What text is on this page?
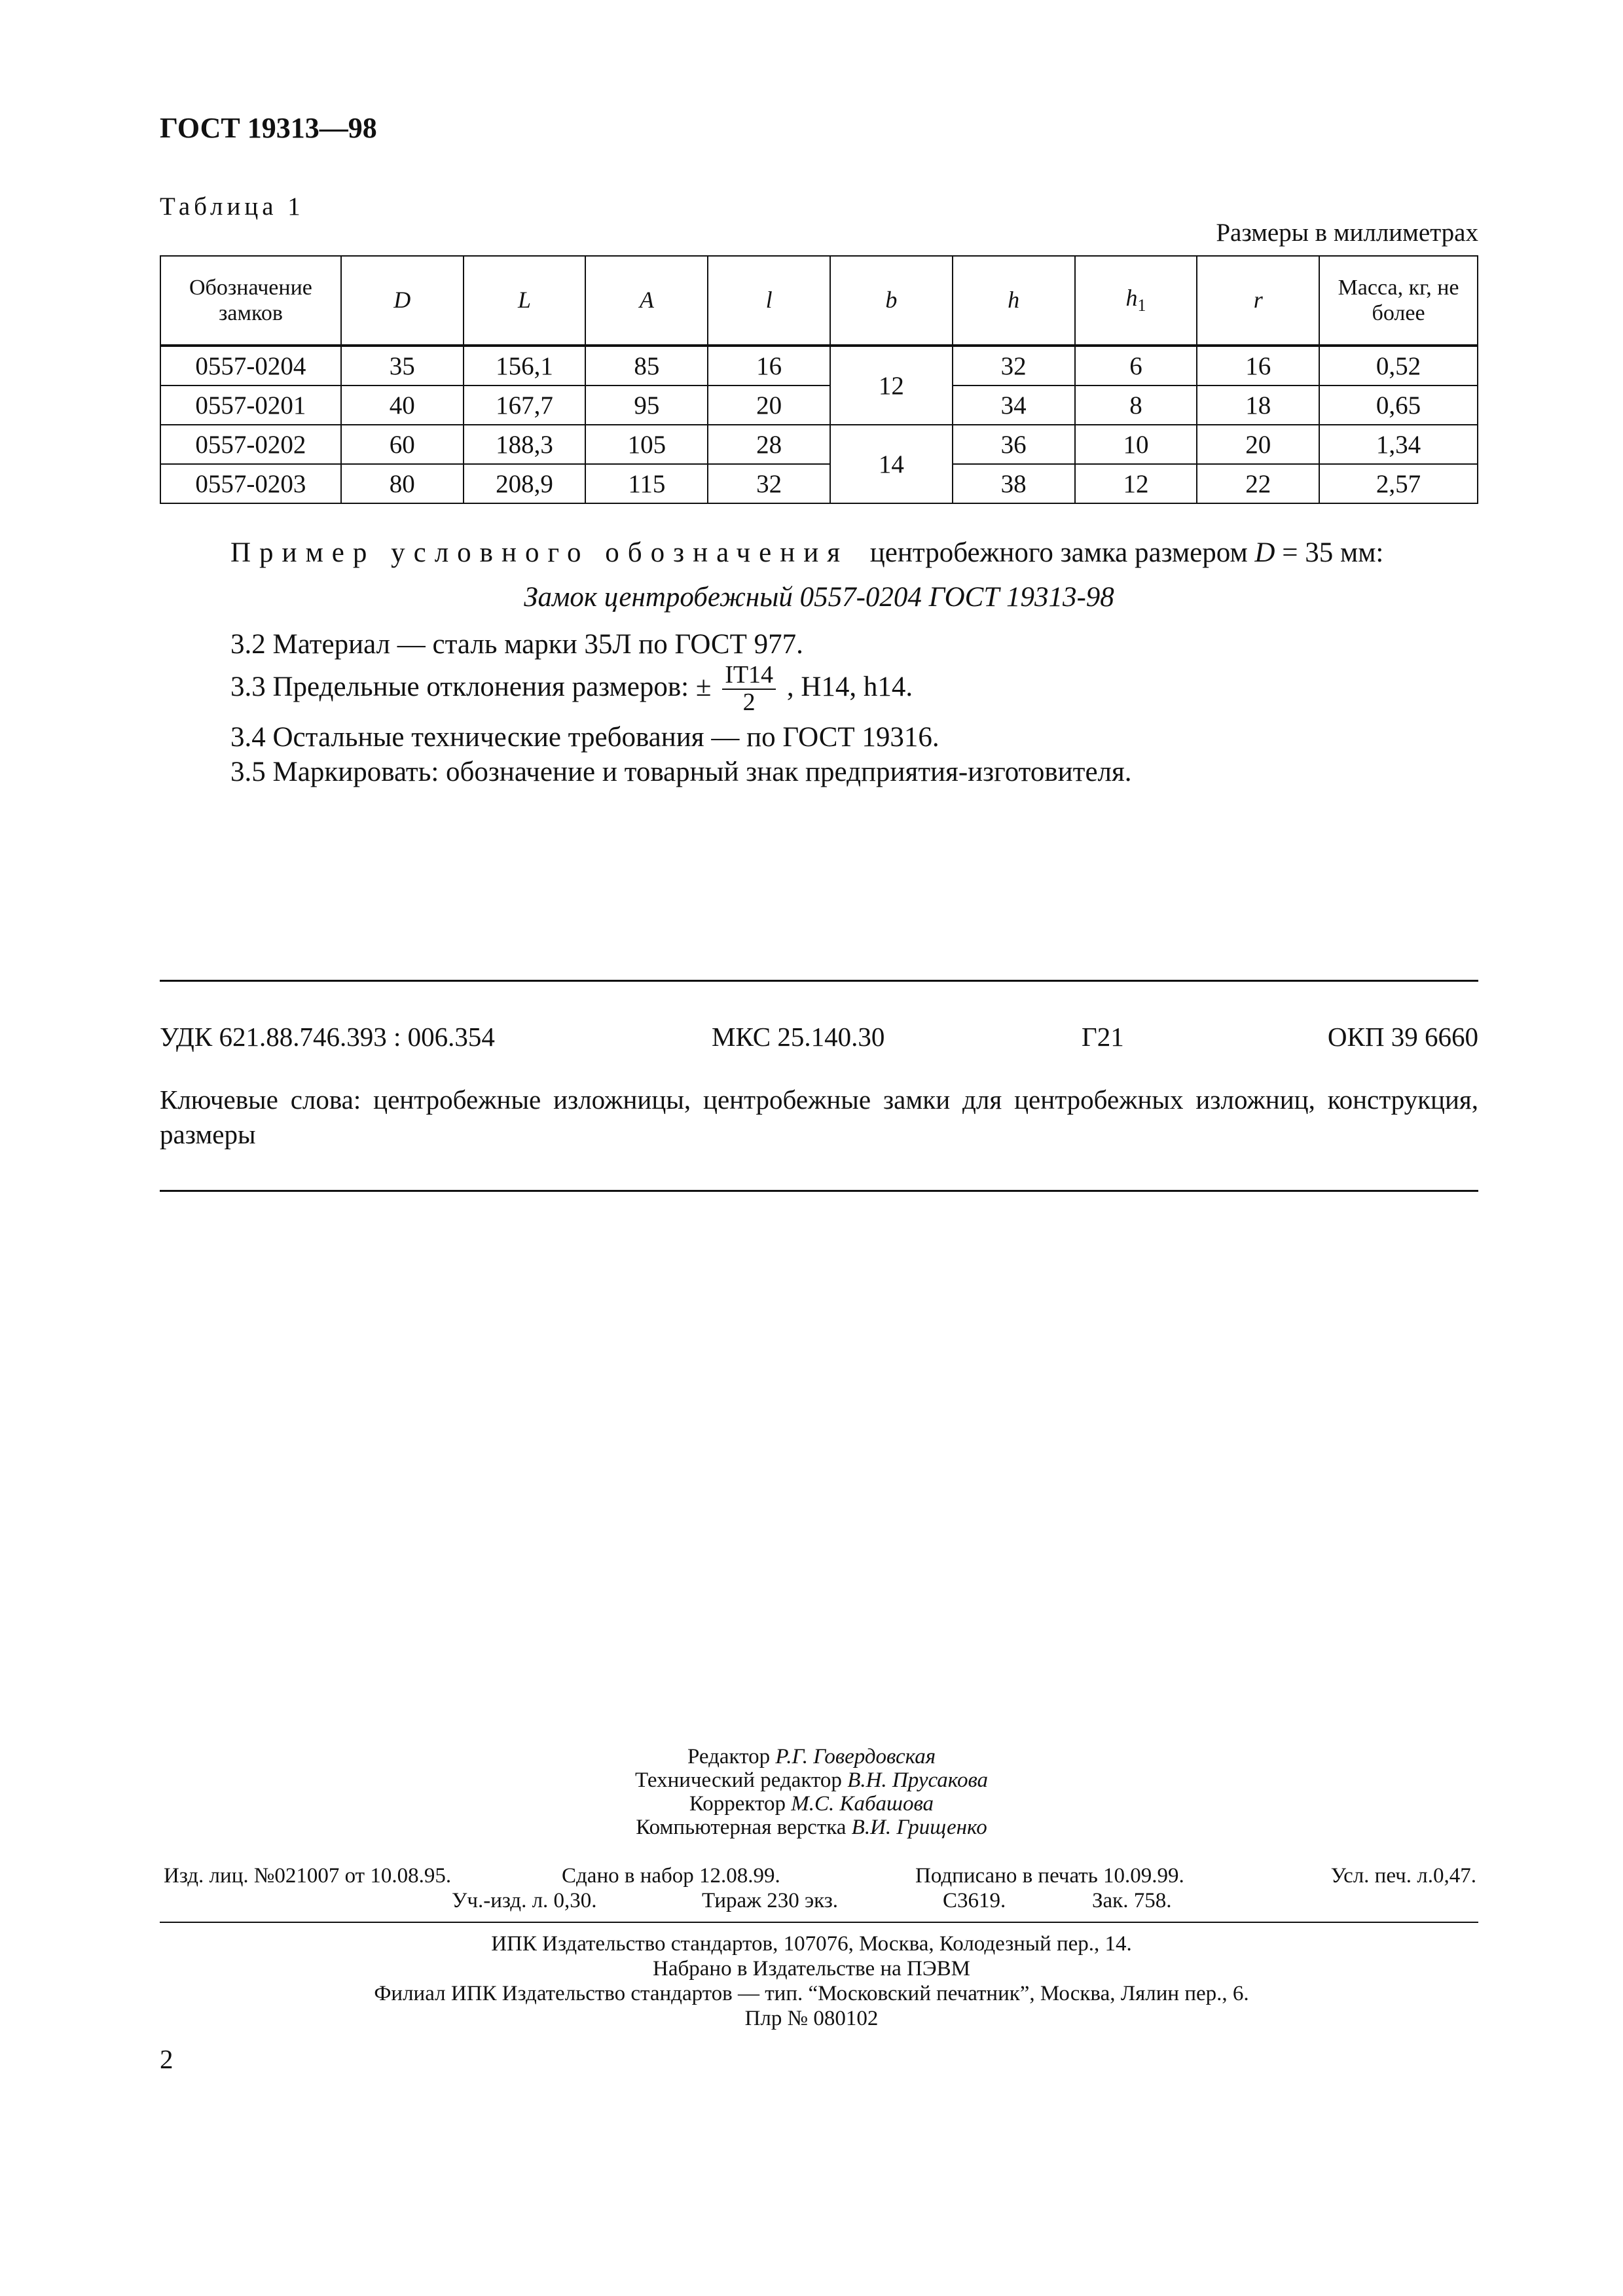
ГОСТ 19313—98
Таблица 1
Размеры в миллиметрах
Обозначение замков	D	L	A	l	b	h	$h_1$	r	Масса, кг, не более
0557-0204	35	156,1	85	16	12	32	6	16	0,52
0557-0201	40	167,7	95	20		34	8	18	0,65
0557-0202	60	188,3	105	28	14	36	10	20	1,34
0557-0203	80	208,9	115	32		38	12	22	2,57
Пример условного обозначения центробежного замка размером D = 35 мм:
Замок центробежный 0557-0204 ГОСТ 19313-98
3.2 Материал — сталь марки 35Л по ГОСТ 977.
3.3 Предельные отклонения размеров: ± $\frac{IT14}{2}$ , H14, h14.
3.4 Остальные технические требования — по ГОСТ 19316.
3.5 Маркировать: обозначение и товарный знак предприятия-изготовителя.
УДК 621.88.746.393 : 006.354	МКС 25.140.30	Г21	ОКП 39 6660
Ключевые слова: центробежные изложницы, центробежные замки для центробежных изложниц, конструкция, размеры
Редактор Р.Г. Говердовская
Технический редактор В.Н. Прусакова
Корректор М.С. Кабашова
Компьютерная верстка В.И. Грищенко
Изд. лиц. №021007 от 10.08.95.	Сдано в набор 12.08.99.	Подписано в печать 10.09.99.	Усл. печ. л.0,47.
Уч.-изд. л. 0,30.	Тираж 230 экз.	С3619.	Зак. 758.
ИПК Издательство стандартов, 107076, Москва, Колодезный пер., 14.
Набрано в Издательстве на ПЭВМ
Филиал ИПК Издательство стандартов — тип. “Московский печатник”, Москва, Лялин пер., 6.
Плр № 080102
2
